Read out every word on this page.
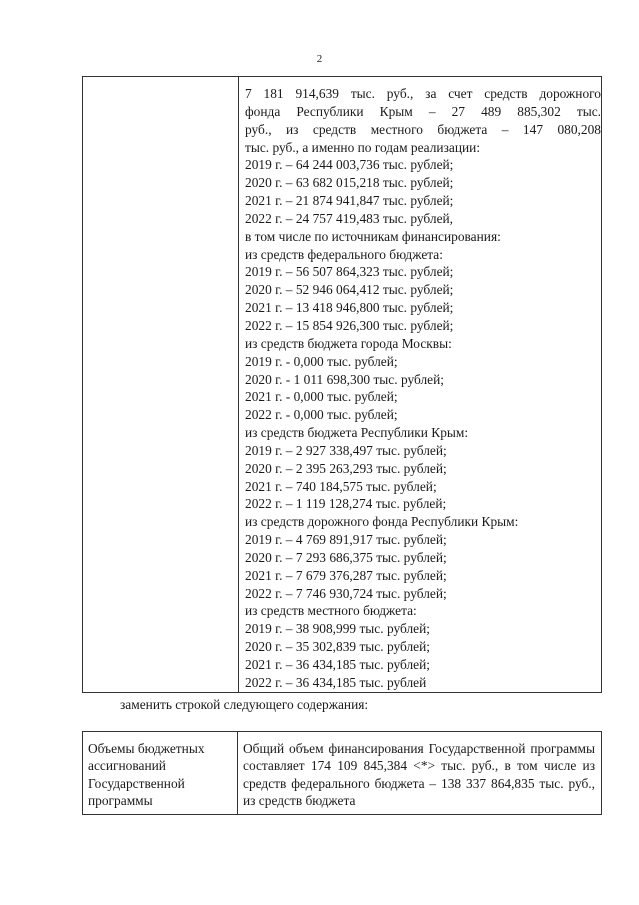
2

7 181 914,639 тыс. руб., за счет средств дорожного
фонда Республики Крым – 27 489 885,302 тыс.
руб., из средств местного бюджета – 147 080,208
тыс. руб., а именно по годам реализации:
2019 г. – 64 244 003,736 тыс. рублей;
2020 г. – 63 682 015,218 тыс. рублей;
2021 г. – 21 874 941,847 тыс. рублей;
2022 г. – 24 757 419,483 тыс. рублей,
в том числе по источникам финансирования:
из средств федерального бюджета:
2019 г. – 56 507 864,323 тыс. рублей;
2020 г. – 52 946 064,412 тыс. рублей;
2021 г. – 13 418 946,800 тыс. рублей;
2022 г. – 15 854 926,300 тыс. рублей;
из средств бюджета города Москвы:
2019 г. - 0,000 тыс. рублей;
2020 г. - 1 011 698,300 тыс. рублей;
2021 г. - 0,000 тыс. рублей;
2022 г. - 0,000 тыс. рублей;
из средств бюджета Республики Крым:
2019 г. – 2 927 338,497 тыс. рублей;
2020 г. – 2 395 263,293 тыс. рублей;
2021 г. – 740 184,575 тыс. рублей;
2022 г. – 1 119 128,274 тыс. рублей;
из средств дорожного фонда Республики Крым:
2019 г. – 4 769 891,917 тыс. рублей;
2020 г. – 7 293 686,375 тыс. рублей;
2021 г. – 7 679 376,287 тыс. рублей;
2022 г. – 7 746 930,724 тыс. рублей;
из средств местного бюджета:
2019 г. – 38 908,999 тыс. рублей;
2020 г. – 35 302,839 тыс. рублей;
2021 г. – 36 434,185 тыс. рублей;
2022 г. – 36 434,185 тыс. рублей
заменить строкой следующего содержания:
Объемы бюджетных ассигнований Государственной программы	Общий объем финансирования Государственной программы составляет 174 109 845,384 <*> тыс. руб., в том числе из средств федерального бюджета – 138 337 864,835 тыс. руб., из средств бюджета
